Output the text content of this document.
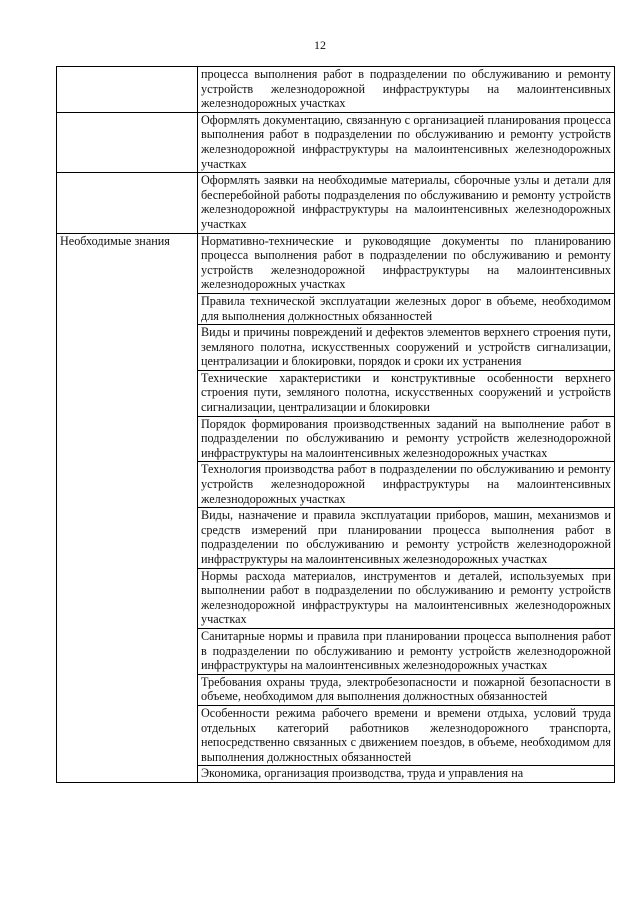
12
	процесса выполнения работ в подразделении по обслуживанию и ремонту устройств железнодорожной инфраструктуры на малоинтенсивных железнодорожных участках
	Оформлять документацию, связанную с организацией планирования процесса выполнения работ в подразделении по обслуживанию и ремонту устройств железнодорожной инфраструктуры на малоинтенсивных железнодорожных участках
	Оформлять заявки на необходимые материалы, сборочные узлы и детали для бесперебойной работы подразделения по обслуживанию и ремонту устройств железнодорожной инфраструктуры на малоинтенсивных железнодорожных участках
Необходимые знания	Нормативно-технические и руководящие документы по планированию процесса выполнения работ в подразделении по обслуживанию и ремонту устройств железнодорожной инфраструктуры на малоинтенсивных железнодорожных участках
	Правила технической эксплуатации железных дорог в объеме, необходимом для выполнения должностных обязанностей
	Виды и причины повреждений и дефектов элементов верхнего строения пути, земляного полотна, искусственных сооружений и устройств сигнализации, централизации и блокировки, порядок и сроки их устранения
	Технические характеристики и конструктивные особенности верхнего строения пути, земляного полотна, искусственных сооружений и устройств сигнализации, централизации и блокировки
	Порядок формирования производственных заданий на выполнение работ в подразделении по обслуживанию и ремонту устройств железнодорожной инфраструктуры на малоинтенсивных железнодорожных участках
	Технология производства работ в подразделении по обслуживанию и ремонту устройств железнодорожной инфраструктуры на малоинтенсивных железнодорожных участках
	Виды, назначение и правила эксплуатации приборов, машин, механизмов и средств измерений при планировании процесса выполнения работ в подразделении по обслуживанию и ремонту устройств железнодорожной инфраструктуры на малоинтенсивных железнодорожных участках
	Нормы расхода материалов, инструментов и деталей, используемых при выполнении работ в подразделении по обслуживанию и ремонту устройств железнодорожной инфраструктуры на малоинтенсивных железнодорожных участках
	Санитарные нормы и правила при планировании процесса выполнения работ в подразделении по обслуживанию и ремонту устройств железнодорожной инфраструктуры на малоинтенсивных железнодорожных участках
	Требования охраны труда, электробезопасности и пожарной безопасности в объеме, необходимом для выполнения должностных обязанностей
	Особенности режима рабочего времени и времени отдыха, условий труда отдельных категорий работников железнодорожного транспорта, непосредственно связанных с движением поездов, в объеме, необходимом для выполнения должностных обязанностей
	Экономика, организация производства, труда и управления на
